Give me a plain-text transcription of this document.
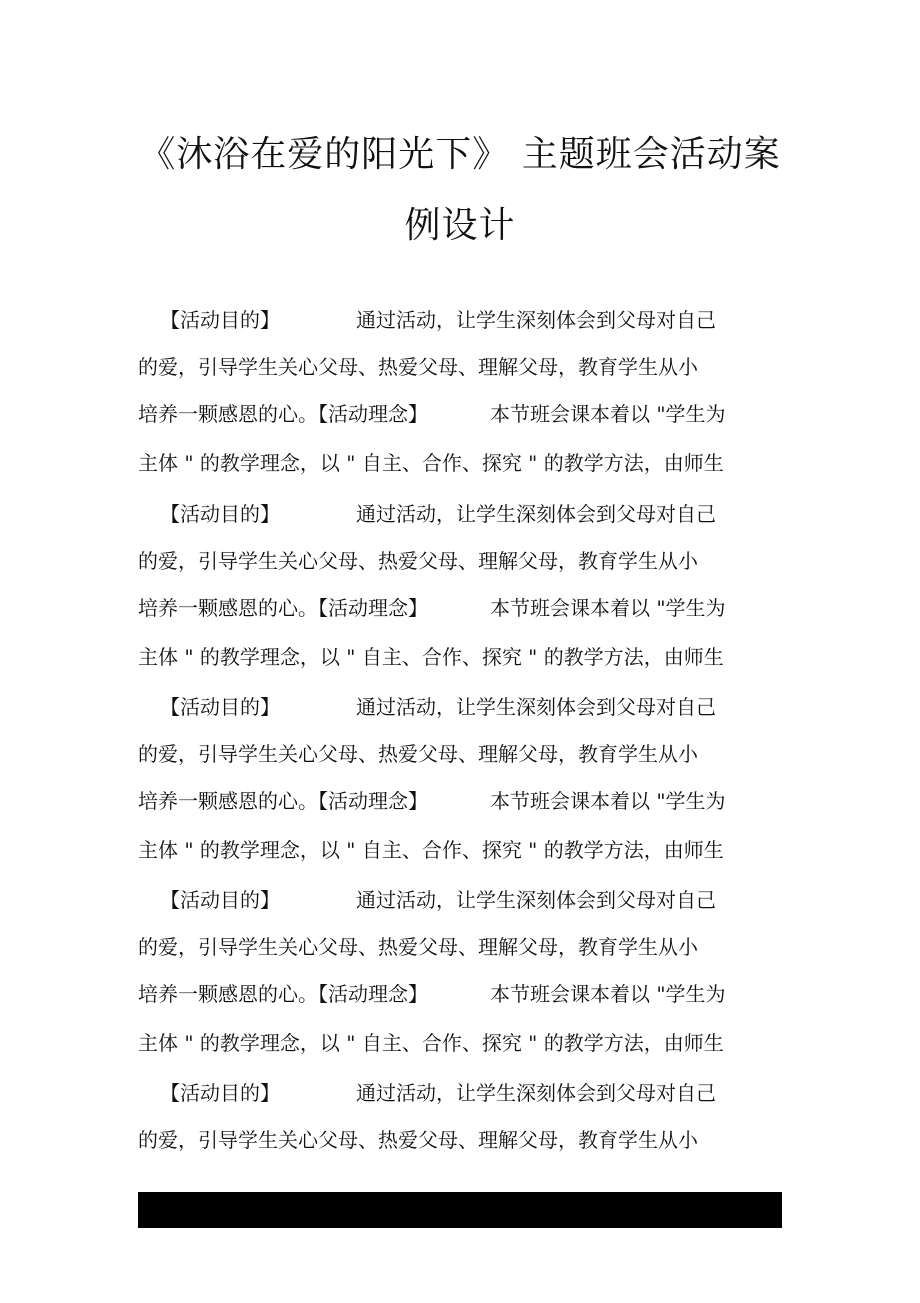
《沐浴在爱的阳光下》 主题班会活动案
例设计
【活动目的】	通过活动，让学生深刻体会到父母对自己
的爱，引导学生关心父母、热爱父母、理解父母，教育学生从小
培养一颗感恩的心。【活动理念】	本节班会课本着以 "学生为
主体 " 的教学理念，以 " 自主、合作、探究 " 的教学方法，由师生
【活动目的】	通过活动，让学生深刻体会到父母对自己
的爱，引导学生关心父母、热爱父母、理解父母，教育学生从小
培养一颗感恩的心。【活动理念】	本节班会课本着以 "学生为
主体 " 的教学理念，以 " 自主、合作、探究 " 的教学方法，由师生
【活动目的】	通过活动，让学生深刻体会到父母对自己
的爱，引导学生关心父母、热爱父母、理解父母，教育学生从小
培养一颗感恩的心。【活动理念】	本节班会课本着以 "学生为
主体 " 的教学理念，以 " 自主、合作、探究 " 的教学方法，由师生
【活动目的】	通过活动，让学生深刻体会到父母对自己
的爱，引导学生关心父母、热爱父母、理解父母，教育学生从小
培养一颗感恩的心。【活动理念】	本节班会课本着以 "学生为
主体 " 的教学理念，以 " 自主、合作、探究 " 的教学方法，由师生
【活动目的】	通过活动，让学生深刻体会到父母对自己
的爱，引导学生关心父母、热爱父母、理解父母，教育学生从小
